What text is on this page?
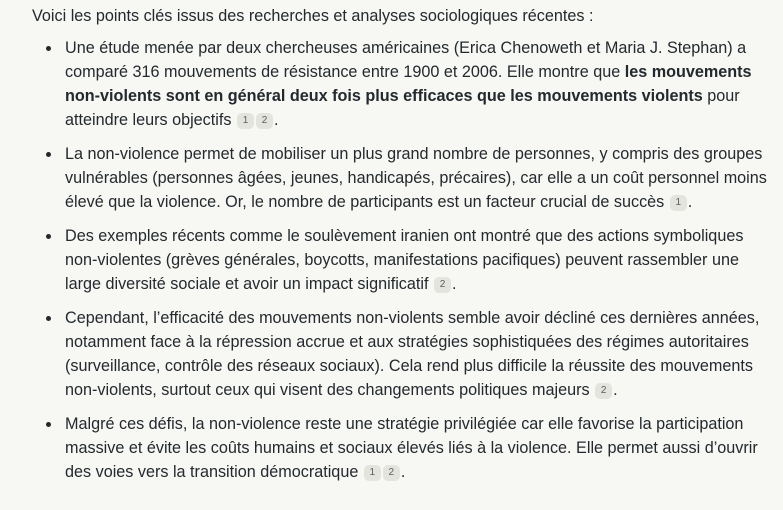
Voici les points clés issus des recherches et analyses sociologiques récentes :

Une étude menée par deux chercheuses américaines (Erica Chenoweth et Maria J. Stephan) a comparé 316 mouvements de résistance entre 1900 et 2006. Elle montre que les mouvements non-violents sont en général deux fois plus efficaces que les mouvements violents pour atteindre leurs objectifs 1 2 .
La non-violence permet de mobiliser un plus grand nombre de personnes, y compris des groupes vulnérables (personnes âgées, jeunes, handicapés, précaires), car elle a un coût personnel moins élevé que la violence. Or, le nombre de participants est un facteur crucial de succès 1 .
Des exemples récents comme le soulèvement iranien ont montré que des actions symboliques non-violentes (grèves générales, boycotts, manifestations pacifiques) peuvent rassembler une large diversité sociale et avoir un impact significatif 2 .
Cependant, l’efficacité des mouvements non-violents semble avoir décliné ces dernières années, notamment face à la répression accrue et aux stratégies sophistiquées des régimes autoritaires (surveillance, contrôle des réseaux sociaux). Cela rend plus difficile la réussite des mouvements non-violents, surtout ceux qui visent des changements politiques majeurs 2 .
Malgré ces défis, la non-violence reste une stratégie privilégiée car elle favorise la participation massive et évite les coûts humains et sociaux élevés liés à la violence. Elle permet aussi d’ouvrir des voies vers la transition démocratique 1 2 .
